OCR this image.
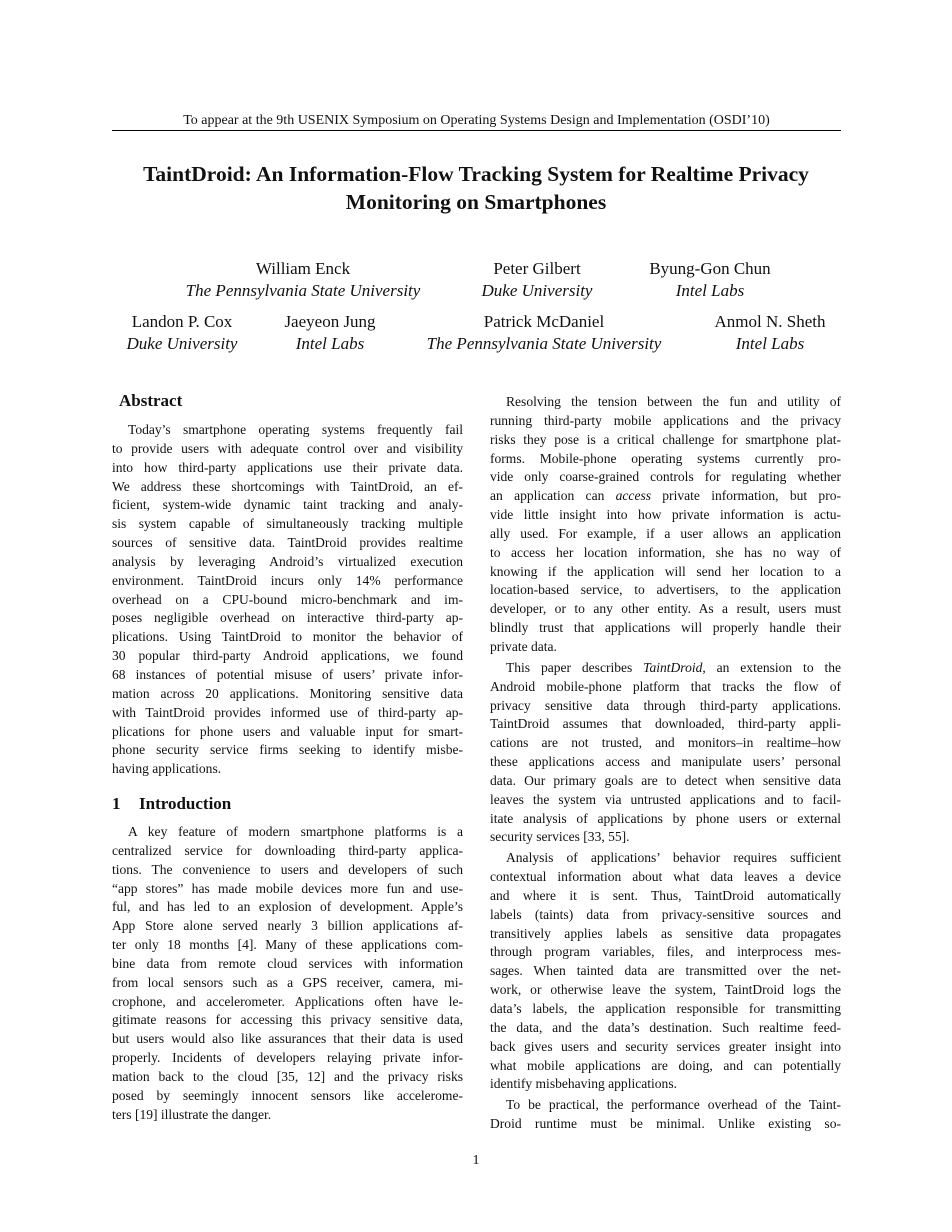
To appear at the 9th USENIX Symposium on Operating Systems Design and Implementation (OSDI’10)
TaintDroid: An Information-Flow Tracking System for Realtime Privacy
Monitoring on Smartphones
William Enck
The Pennsylvania State University
Peter Gilbert
Duke University
Byung-Gon Chun
Intel Labs
Landon P. Cox
Duke University
Jaeyeon Jung
Intel Labs
Patrick McDaniel
The Pennsylvania State University
Anmol N. Sheth
Intel Labs
Abstract
Today’s smartphone operating systems frequently fail
to provide users with adequate control over and visibility
into how third-party applications use their private data.
We address these shortcomings with TaintDroid, an ef-
ficient, system-wide dynamic taint tracking and analy-
sis system capable of simultaneously tracking multiple
sources of sensitive data. TaintDroid provides realtime
analysis by leveraging Android’s virtualized execution
environment. TaintDroid incurs only 14% performance
overhead on a CPU-bound micro-benchmark and im-
poses negligible overhead on interactive third-party ap-
plications. Using TaintDroid to monitor the behavior of
30 popular third-party Android applications, we found
68 instances of potential misuse of users’ private infor-
mation across 20 applications. Monitoring sensitive data
with TaintDroid provides informed use of third-party ap-
plications for phone users and valuable input for smart-
phone security service firms seeking to identify misbe-
having applications.
1 Introduction
A key feature of modern smartphone platforms is a
centralized service for downloading third-party applica-
tions. The convenience to users and developers of such
“app stores” has made mobile devices more fun and use-
ful, and has led to an explosion of development. Apple’s
App Store alone served nearly 3 billion applications af-
ter only 18 months [4]. Many of these applications com-
bine data from remote cloud services with information
from local sensors such as a GPS receiver, camera, mi-
crophone, and accelerometer. Applications often have le-
gitimate reasons for accessing this privacy sensitive data,
but users would also like assurances that their data is used
properly. Incidents of developers relaying private infor-
mation back to the cloud [35, 12] and the privacy risks
posed by seemingly innocent sensors like accelerome-
ters [19] illustrate the danger.
Resolving the tension between the fun and utility of
running third-party mobile applications and the privacy
risks they pose is a critical challenge for smartphone plat-
forms. Mobile-phone operating systems currently pro-
vide only coarse-grained controls for regulating whether
an application can access private information, but pro-
vide little insight into how private information is actu-
ally used. For example, if a user allows an application
to access her location information, she has no way of
knowing if the application will send her location to a
location-based service, to advertisers, to the application
developer, or to any other entity. As a result, users must
blindly trust that applications will properly handle their
private data.
This paper describes TaintDroid, an extension to the
Android mobile-phone platform that tracks the flow of
privacy sensitive data through third-party applications.
TaintDroid assumes that downloaded, third-party appli-
cations are not trusted, and monitors–in realtime–how
these applications access and manipulate users’ personal
data. Our primary goals are to detect when sensitive data
leaves the system via untrusted applications and to facil-
itate analysis of applications by phone users or external
security services [33, 55].
Analysis of applications’ behavior requires sufficient
contextual information about what data leaves a device
and where it is sent. Thus, TaintDroid automatically
labels (taints) data from privacy-sensitive sources and
transitively applies labels as sensitive data propagates
through program variables, files, and interprocess mes-
sages. When tainted data are transmitted over the net-
work, or otherwise leave the system, TaintDroid logs the
data’s labels, the application responsible for transmitting
the data, and the data’s destination. Such realtime feed-
back gives users and security services greater insight into
what mobile applications are doing, and can potentially
identify misbehaving applications.
To be practical, the performance overhead of the Taint-
Droid runtime must be minimal. Unlike existing so-
1
